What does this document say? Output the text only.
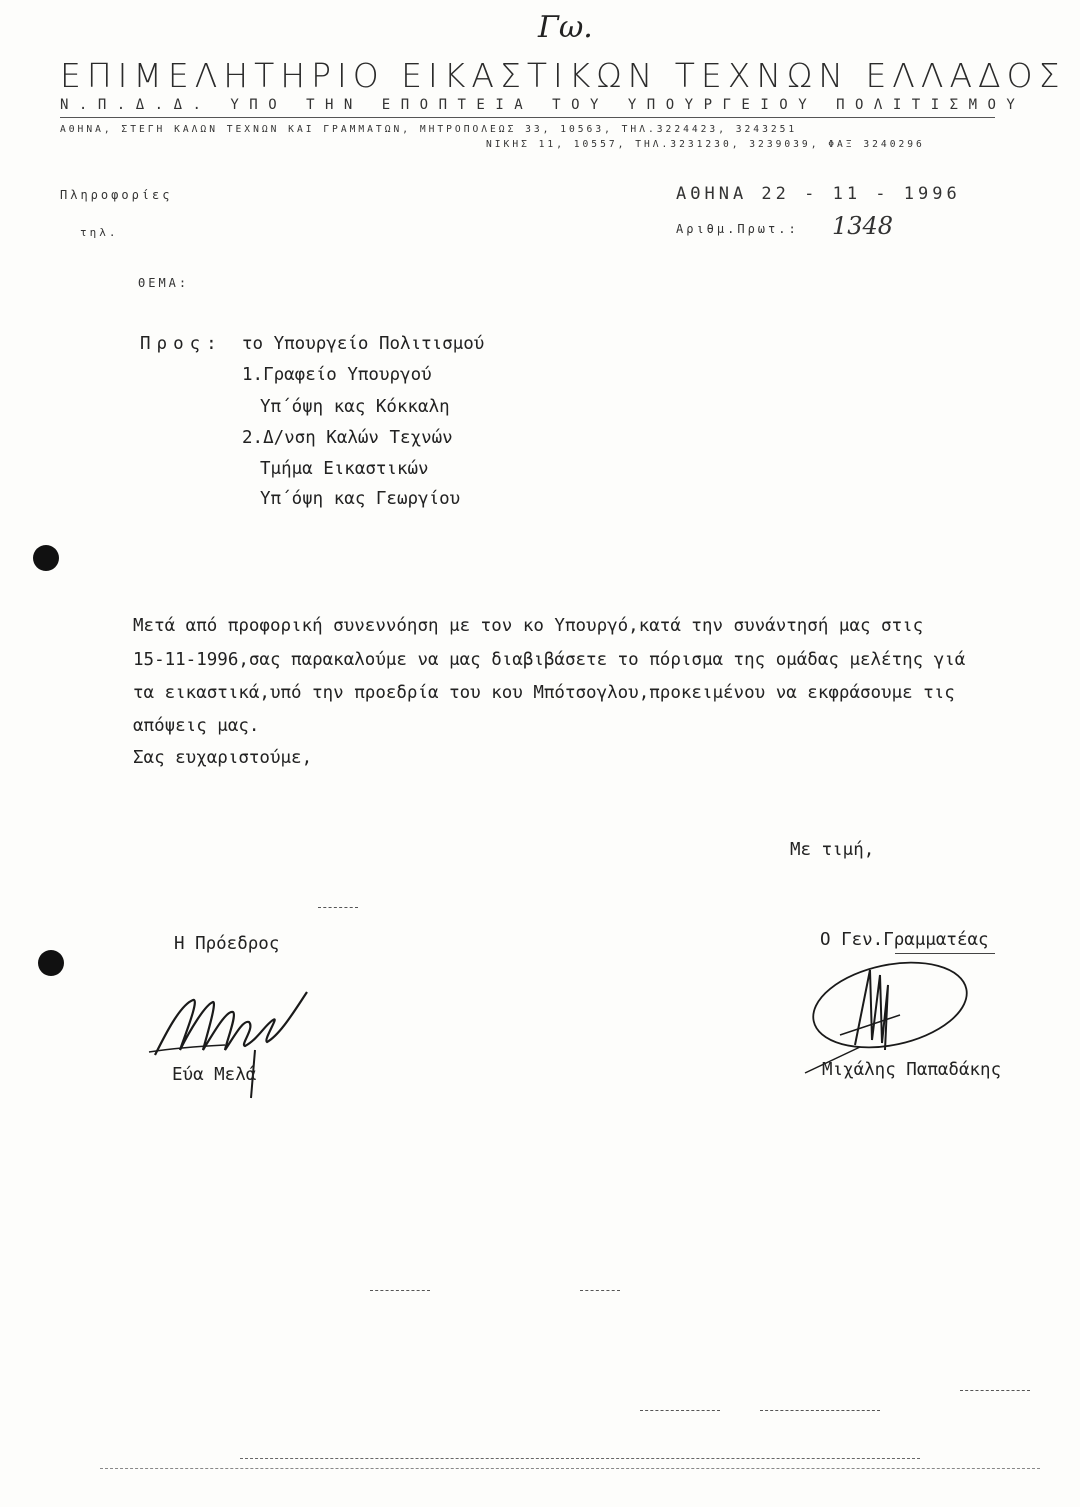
Γω.
ΕΠΙΜΕΛΗΤΗΡΙΟ ΕΙΚΑΣΤΙΚΩΝ ΤΕΧΝΩΝ ΕΛΛΑΔΟΣ
Ν.Π.Δ.Δ. ΥΠΟ ΤΗΝ ΕΠΟΠΤΕΙΑ ΤΟΥ ΥΠΟΥΡΓΕΙΟΥ ΠΟΛΙΤΙΣΜΟΥ
ΑΘΗΝΑ, ΣΤΕΓΗ ΚΑΛΩΝ ΤΕΧΝΩΝ ΚΑΙ ΓΡΑΜΜΑΤΩΝ, ΜΗΤΡΟΠΟΛΕΩΣ 33, 10563, ΤΗΛ.3224423, 3243251
ΝΙΚΗΣ 11, 10557, ΤΗΛ.3231230, 3239039, ΦΑΞ 3240296
Πληροφορίες
τηλ.
ΑΘΗΝΑ 22 - 11 - 1996
Αριθμ.Πρωτ.: 1348
ΘΕΜΑ:
Προς: το Υπουργείο Πολιτισμού
1.Γραφείο Υπουργού
Υπ΄όψη κας Κόκκαλη
2.Δ/νση Καλών Τεχνών
Τμήμα Εικαστικών
Υπ΄όψη κας Γεωργίου
Μετά από προφορική συνεννόηση με τον κο Υπουργό,κατά την συνάντησή μας στις
15-11-1996,σας παρακαλούμε να μας διαβιβάσετε το πόρισμα της ομάδας μελέτης γιά
τα εικαστικά,υπό την προεδρία του κου Μπότσογλου,προκειμένου να εκφράσουμε τις
απόψεις μας.
Σας ευχαριστούμε,
Με τιμή,
Η Πρόεδρος	Ο Γεν.Γραμματέας
Εύα Μελά	Μιχάλης Παπαδάκης
